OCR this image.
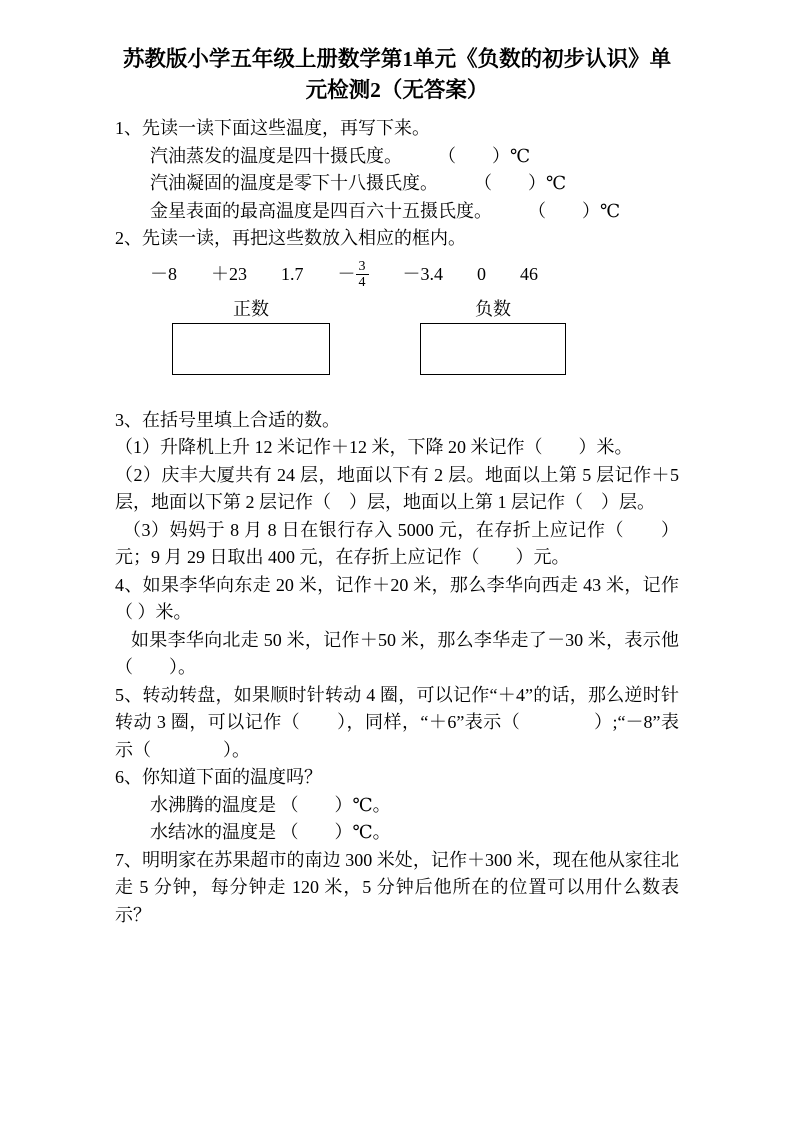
苏教版小学五年级上册数学第1单元《负数的初步认识》单元检测2（无答案）

1、先读一读下面这些温度，再写下来。

汽油蒸发的温度是四十摄氏度。　　　（　　）℃

汽油凝固的温度是零下十八摄氏度。　　　（　　）℃

金星表面的最高温度是四百六十五摄氏度。　　　（　　）℃

2、先读一读，再把这些数放入相应的框内。

－8 ＋23 $1.7 - \frac{3}{4} -3.4$ 0 46
正数	负数

3、在括号里填上合适的数。

（1）升降机上升 12 米记作＋12 米，下降 20 米记作（　　）米。

（2）庆丰大厦共有 24 层，地面以下有 2 层。地面以上第 5 层记作＋5 层，地面以下第 2 层记作（　）层，地面以上第 1 层记作（　）层。

（3）妈妈于 8 月 8 日在银行存入 5000 元，在存折上应记作（　　）元；9 月 29 日取出 400 元，在存折上应记作（　　）元。

4、如果李华向东走 20 米，记作＋20 米，那么李华向西走 43 米，记作（ ）米。

如果李华向北走 50 米，记作＋50 米，那么李华走了－30 米，表示他（　　）。

5、转动转盘，如果顺时针转动 4 圈，可以记作“＋4”的话，那么逆时针转动 3 圈，可以记作（　　），同样，“＋6”表示（　　　　）;“－8”表示（　　　　）。

6、你知道下面的温度吗？

水沸腾的温度是 （　　）℃。

水结冰的温度是 （　　）℃。

7、明明家在苏果超市的南边 300 米处，记作＋300 米，现在他从家往北走 5 分钟，每分钟走 120 米，5 分钟后他所在的位置可以用什么数表示？
